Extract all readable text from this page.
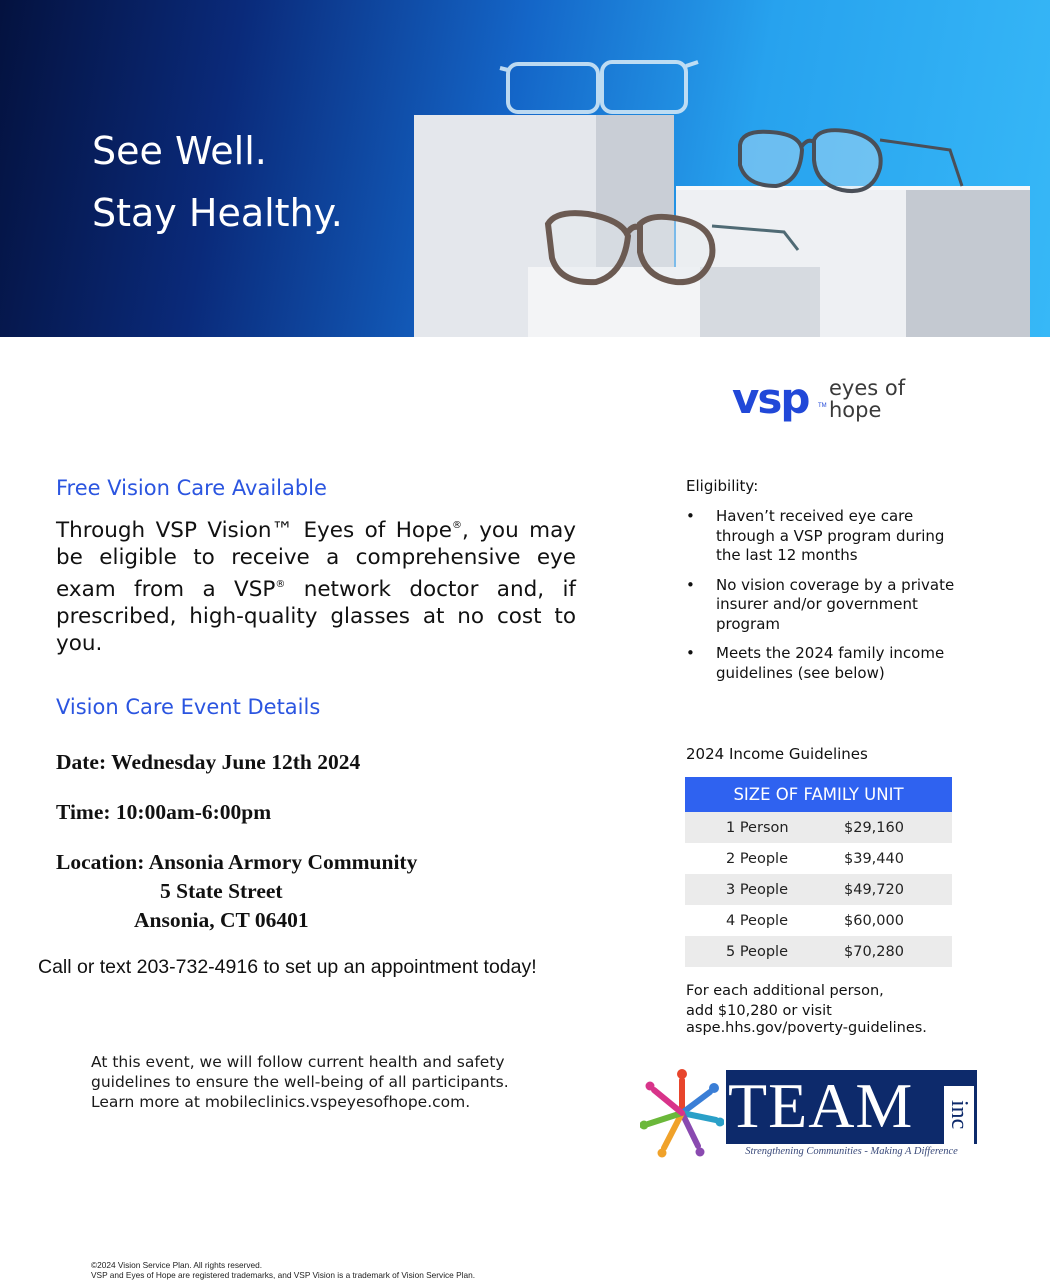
See Well.
Stay Healthy.
vsp TM
eyes of
hope
Free Vision Care Available
Through VSP Vision™ Eyes of Hope®, you may be eligible to receive a comprehensive eye exam from a VSP® network doctor and, if prescribed, high-quality glasses at no cost to you.
Vision Care Event Details
Date: Wednesday June 12th 2024
Time: 10:00am-6:00pm
Location: Ansonia Armory Community
5 State Street
Ansonia, CT 06401
Call or text 203-732-4916 to set up an appointment today!
At this event, we will follow current health and safety guidelines to ensure the well-being of all participants.
Learn more at mobileclinics.vspeyesofhope.com.
©2024 Vision Service Plan. All rights reserved.
VSP and Eyes of Hope are registered trademarks, and VSP Vision is a trademark of Vision Service Plan.
Eligibility:
• Haven’t received eye care through a VSP program during the last 12 months
• No vision coverage by a private insurer and/or government program
• Meets the 2024 family income guidelines (see below)
2024 Income Guidelines
SIZE OF FAMILY UNIT	
1 Person	$29,160
2 People	$39,440
3 People	$49,720
4 People	$60,000
5 People	$70,280
For each additional person,
add $10,280 or visit
aspe.hhs.gov/poverty-guidelines.
TEAM inc
Strengthening Communities - Making A Difference
